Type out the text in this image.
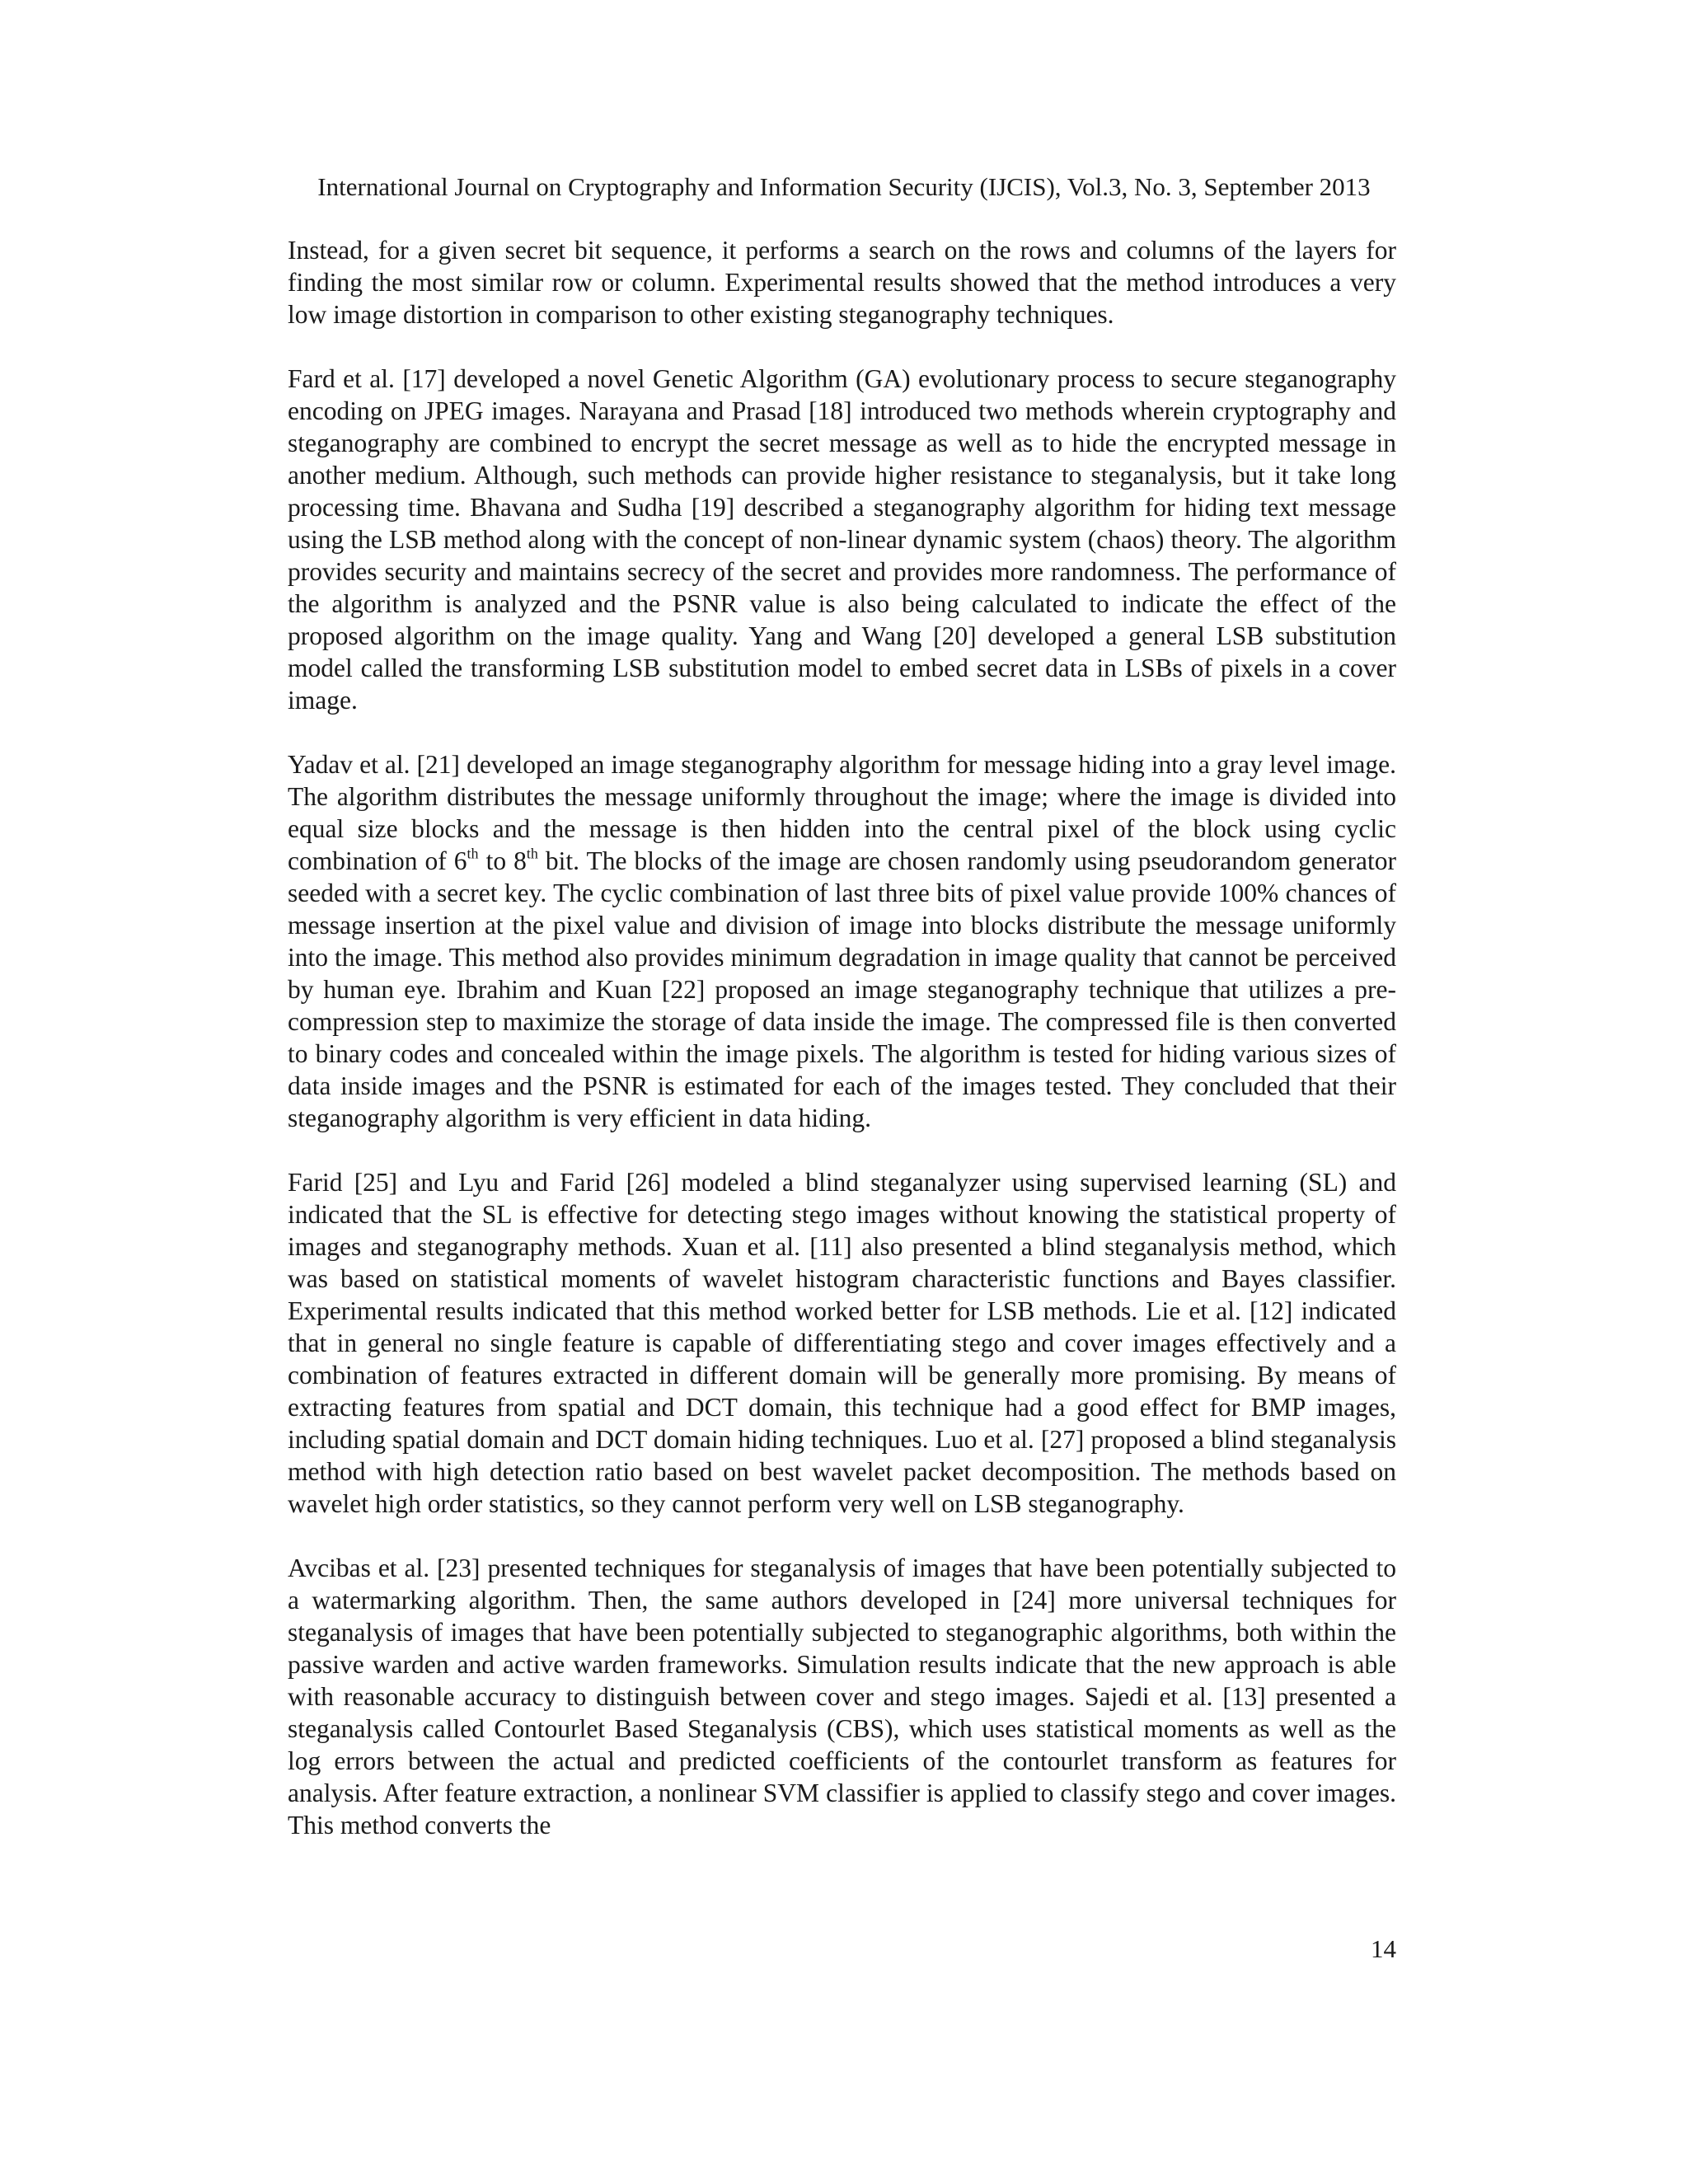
International Journal on Cryptography and Information Security (IJCIS), Vol.3, No. 3, September 2013

Instead, for a given secret bit sequence, it performs a search on the rows and columns of the layers for finding the most similar row or column. Experimental results showed that the method introduces a very low image distortion in comparison to other existing steganography techniques.

Fard et al. [17] developed a novel Genetic Algorithm (GA) evolutionary process to secure steganography encoding on JPEG images. Narayana and Prasad [18] introduced two methods wherein cryptography and steganography are combined to encrypt the secret message as well as to hide the encrypted message in another medium. Although, such methods can provide higher resistance to steganalysis, but it take long processing time. Bhavana and Sudha [19] described a steganography algorithm for hiding text message using the LSB method along with the concept of non-linear dynamic system (chaos) theory. The algorithm provides security and maintains secrecy of the secret and provides more randomness. The performance of the algorithm is analyzed and the PSNR value is also being calculated to indicate the effect of the proposed algorithm on the image quality. Yang and Wang [20] developed a general LSB substitution model called the transforming LSB substitution model to embed secret data in LSBs of pixels in a cover image.

Yadav et al. [21] developed an image steganography algorithm for message hiding into a gray level image. The algorithm distributes the message uniformly throughout the image; where the image is divided into equal size blocks and the message is then hidden into the central pixel of the block using cyclic combination of 6th to 8th bit. The blocks of the image are chosen randomly using pseudorandom generator seeded with a secret key. The cyclic combination of last three bits of pixel value provide 100% chances of message insertion at the pixel value and division of image into blocks distribute the message uniformly into the image. This method also provides minimum degradation in image quality that cannot be perceived by human eye. Ibrahim and Kuan [22] proposed an image steganography technique that utilizes a pre-compression step to maximize the storage of data inside the image. The compressed file is then converted to binary codes and concealed within the image pixels. The algorithm is tested for hiding various sizes of data inside images and the PSNR is estimated for each of the images tested. They concluded that their steganography algorithm is very efficient in data hiding.

Farid [25] and Lyu and Farid [26] modeled a blind steganalyzer using supervised learning (SL) and indicated that the SL is effective for detecting stego images without knowing the statistical property of images and steganography methods. Xuan et al. [11] also presented a blind steganalysis method, which was based on statistical moments of wavelet histogram characteristic functions and Bayes classifier. Experimental results indicated that this method worked better for LSB methods. Lie et al. [12] indicated that in general no single feature is capable of differentiating stego and cover images effectively and a combination of features extracted in different domain will be generally more promising. By means of extracting features from spatial and DCT domain, this technique had a good effect for BMP images, including spatial domain and DCT domain hiding techniques. Luo et al. [27] proposed a blind steganalysis method with high detection ratio based on best wavelet packet decomposition. The methods based on wavelet high order statistics, so they cannot perform very well on LSB steganography.

Avcibas et al. [23] presented techniques for steganalysis of images that have been potentially subjected to a watermarking algorithm. Then, the same authors developed in [24] more universal techniques for steganalysis of images that have been potentially subjected to steganographic algorithms, both within the passive warden and active warden frameworks. Simulation results indicate that the new approach is able with reasonable accuracy to distinguish between cover and stego images. Sajedi et al. [13] presented a steganalysis called Contourlet Based Steganalysis (CBS), which uses statistical moments as well as the log errors between the actual and predicted coefficients of the contourlet transform as features for analysis. After feature extraction, a nonlinear SVM classifier is applied to classify stego and cover images. This method converts the

14
